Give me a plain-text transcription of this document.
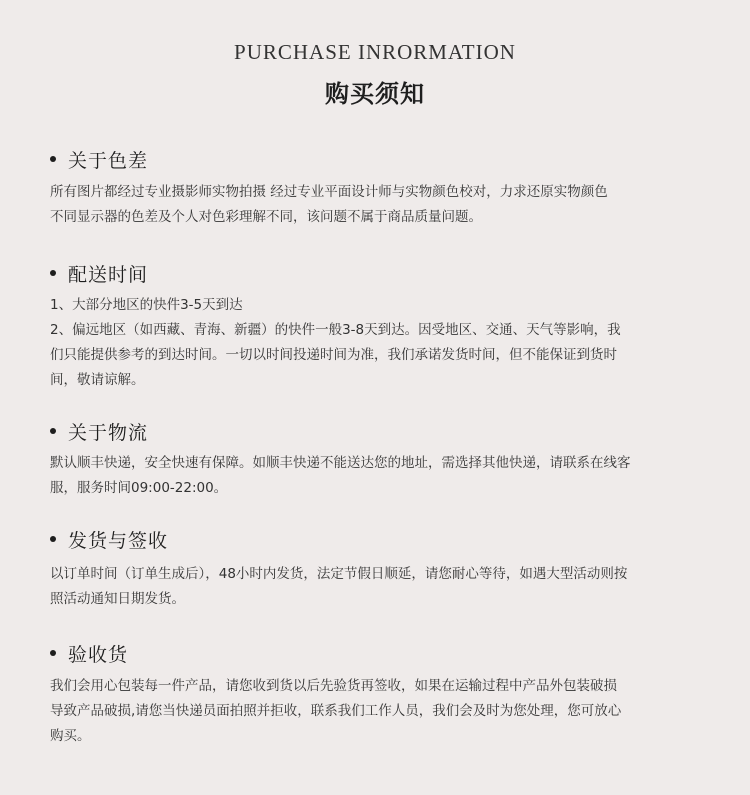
PURCHASE INRORMATION
购买须知
关于色差
所有图片都经过专业摄影师实物拍摄 经过专业平面设计师与实物颜色校对，力求还原实物颜色
不同显示器的色差及个人对色彩理解不同，该问题不属于商品质量问题。
配送时间
1、大部分地区的快件3-5天到达
2、偏远地区（如西藏、青海、新疆）的快件一般3-8天到达。因受地区、交通、天气等影响，我
们只能提供参考的到达时间。一切以时间投递时间为准，我们承诺发货时间，但不能保证到货时
间，敬请谅解。
关于物流
默认顺丰快递，安全快速有保障。如顺丰快递不能送达您的地址，需选择其他快递，请联系在线客
服，服务时间09:00-22:00。
发货与签收
以订单时间（订单生成后），48小时内发货，法定节假日顺延，请您耐心等待，如遇大型活动则按
照活动通知日期发货。
验收货
我们会用心包装每一件产品，请您收到货以后先验货再签收，如果在运输过程中产品外包装破损
导致产品破损,请您当快递员面拍照并拒收，联系我们工作人员，我们会及时为您处理，您可放心
购买。
